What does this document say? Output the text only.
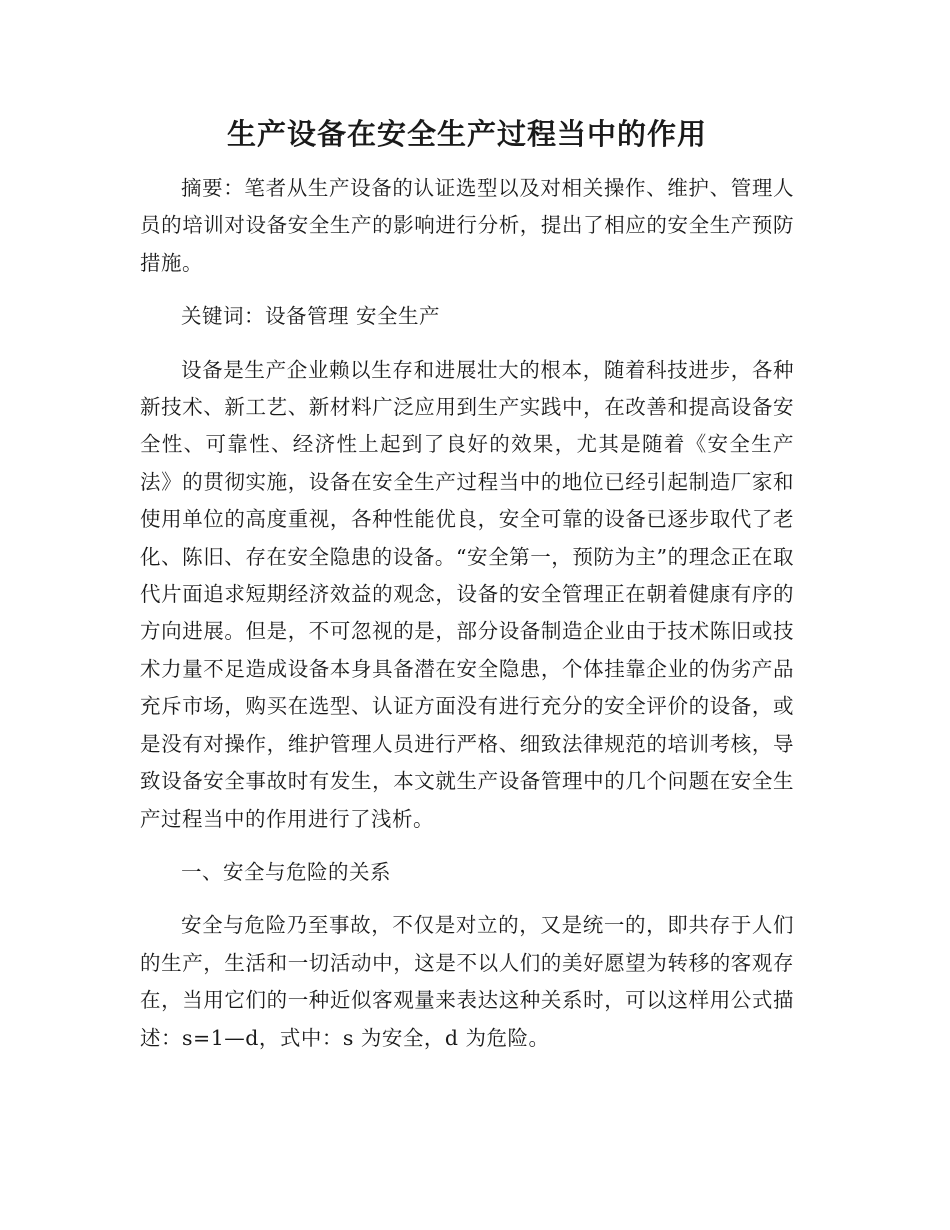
生产设备在安全生产过程当中的作用

摘要：笔者从生产设备的认证选型以及对相关操作、维护、管理人员的培训对设备安全生产的影响进行分析，提出了相应的安全生产预防措施。

关键词：设备管理 安全生产

设备是生产企业赖以生存和进展壮大的根本，随着科技进步，各种新技术、新工艺、新材料广泛应用到生产实践中，在改善和提高设备安全性、可靠性、经济性上起到了良好的效果，尤其是随着《安全生产法》的贯彻实施，设备在安全生产过程当中的地位已经引起制造厂家和使用单位的高度重视，各种性能优良，安全可靠的设备已逐步取代了老化、陈旧、存在安全隐患的设备。“安全第一，预防为主”的理念正在取代片面追求短期经济效益的观念，设备的安全管理正在朝着健康有序的方向进展。但是，不可忽视的是，部分设备制造企业由于技术陈旧或技术力量不足造成设备本身具备潜在安全隐患，个体挂靠企业的伪劣产品充斥市场，购买在选型、认证方面没有进行充分的安全评价的设备，或是没有对操作，维护管理人员进行严格、细致法律规范的培训考核，导致设备安全事故时有发生，本文就生产设备管理中的几个问题在安全生产过程当中的作用进行了浅析。

一、安全与危险的关系

安全与危险乃至事故，不仅是对立的，又是统一的，即共存于人们的生产，生活和一切活动中，这是不以人们的美好愿望为转移的客观存在，当用它们的一种近似客观量来表达这种关系时，可以这样用公式描述：s=1—d，式中：s 为安全，d 为危险。
